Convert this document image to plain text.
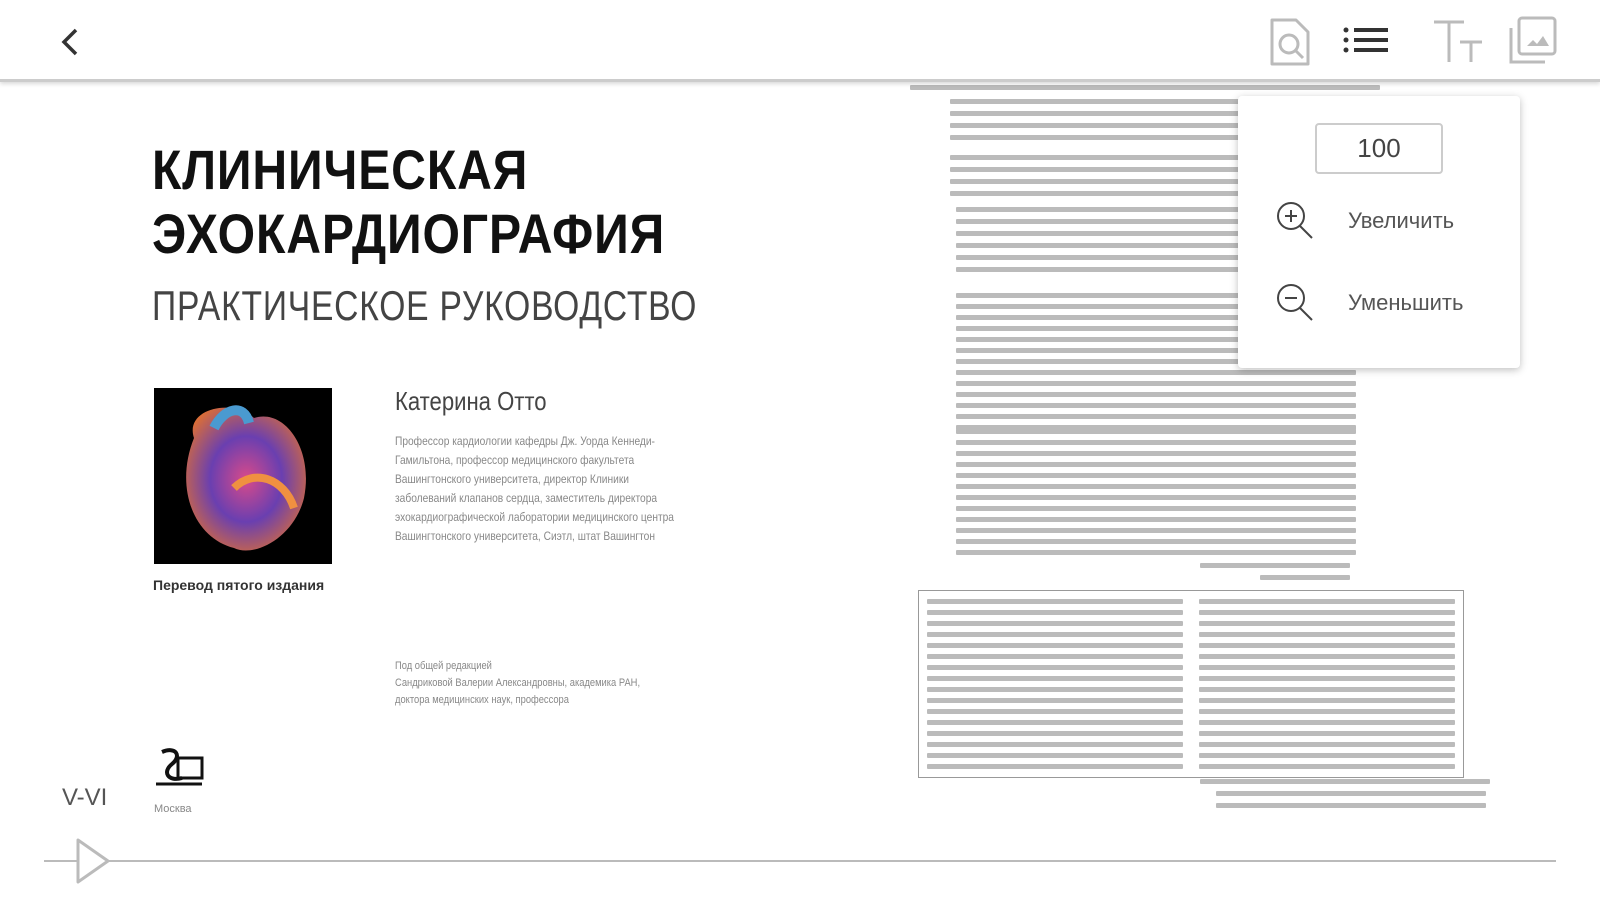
КЛИНИЧЕСКАЯ
ЭХОКАРДИОГРАФИЯ
ПРАКТИЧЕСКОЕ РУКОВОДСТВО
Перевод пятого издания
Катерина Отто
Профессор кардиологии кафедры Дж. Уорда Кеннеди-Гамильтона, профессор медицинского факультета Вашингтонского университета, директор Клиники заболеваний клапанов сердца, заместитель директора эхокардиографической лаборатории медицинского центра Вашингтонского университета, Сиэтл, штат Вашингтон
Под общей редакцией
Сандриковой Валерии Александровны, академика РАН, доктора медицинских наук, профессора
Москва
V-VI
100
Увеличить
Уменьшить
